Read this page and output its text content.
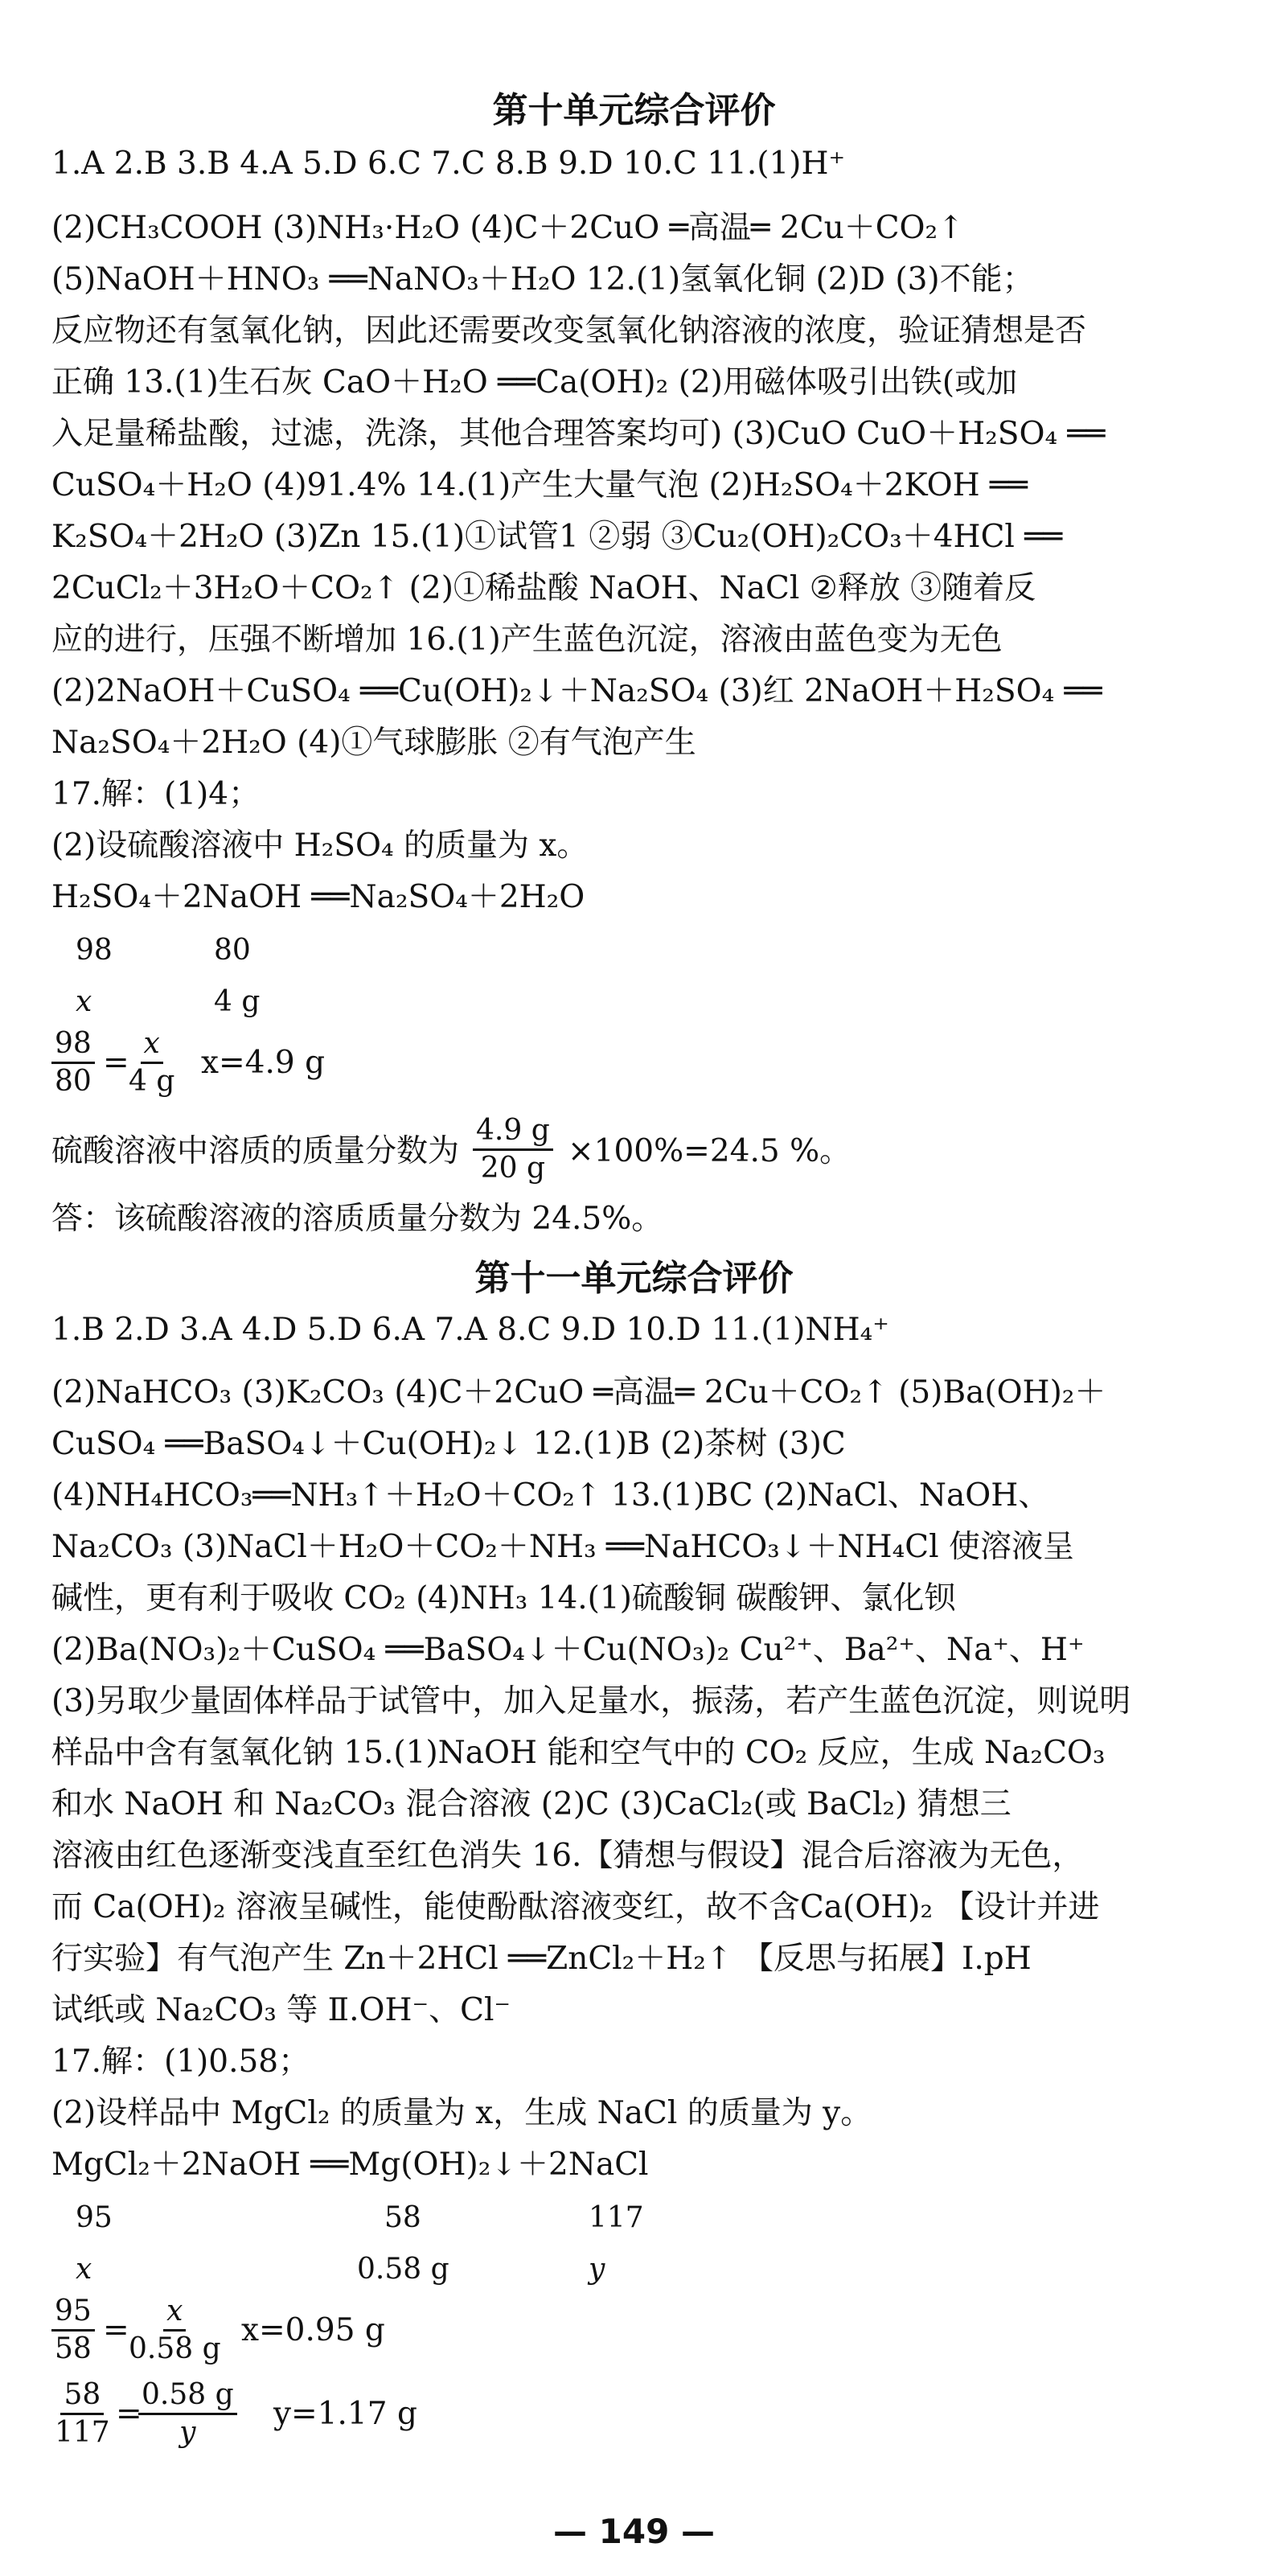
第十单元综合评价
1.A 2.B 3.B 4.A 5.D 6.C 7.C 8.B 9.D 10.C 11.(1)H⁺
(2)CH₃COOH (3)NH₃·H₂O (4)C＋2CuO ═高温═ 2Cu＋CO₂↑
(5)NaOH＋HNO₃ ══NaNO₃＋H₂O 12.(1)氢氧化铜 (2)D (3)不能；
反应物还有氢氧化钠，因此还需要改变氢氧化钠溶液的浓度，验证猜想是否
正确 13.(1)生石灰 CaO＋H₂O ══Ca(OH)₂ (2)用磁体吸引出铁(或加
入足量稀盐酸，过滤，洗涤，其他合理答案均可) (3)CuO CuO＋H₂SO₄ ══
CuSO₄＋H₂O (4)91.4% 14.(1)产生大量气泡 (2)H₂SO₄＋2KOH ══
K₂SO₄＋2H₂O (3)Zn 15.(1)①试管1 ②弱 ③Cu₂(OH)₂CO₃＋4HCl ══
2CuCl₂＋3H₂O＋CO₂↑ (2)①稀盐酸 NaOH、NaCl ②释放 ③随着反
应的进行，压强不断增加 16.(1)产生蓝色沉淀，溶液由蓝色变为无色
(2)2NaOH＋CuSO₄ ══Cu(OH)₂↓＋Na₂SO₄ (3)红 2NaOH＋H₂SO₄ ══
Na₂SO₄＋2H₂O (4)①气球膨胀 ②有气泡产生
17.解：(1)4；
(2)设硫酸溶液中 H₂SO₄ 的质量为 x。
H₂SO₄＋2NaOH ══Na₂SO₄＋2H₂O
98	80
x	4 g
$\frac{98}{80}$ =
$\frac{x}{4 g} x=4.9$ g
硫酸溶液中溶质的质量分数为 $\frac{4.9 g}{20 g} \times 100\%=24.5$ %。
答：该硫酸溶液的溶质质量分数为 24.5%。
第十一单元综合评价
1.B 2.D 3.A 4.D 5.D 6.A 7.A 8.C 9.D 10.D 11.(1)NH₄⁺
(2)NaHCO₃ (3)K₂CO₃ (4)C＋2CuO ═高温═ 2Cu＋CO₂↑ (5)Ba(OH)₂＋
CuSO₄ ══BaSO₄↓＋Cu(OH)₂↓ 12.(1)B (2)茶树 (3)C
(4)NH₄HCO₃══NH₃↑＋H₂O＋CO₂↑ 13.(1)BC (2)NaCl、NaOH、
Na₂CO₃ (3)NaCl＋H₂O＋CO₂＋NH₃ ══NaHCO₃↓＋NH₄Cl 使溶液呈
碱性，更有利于吸收 CO₂ (4)NH₃ 14.(1)硫酸铜 碳酸钾、氯化钡
(2)Ba(NO₃)₂＋CuSO₄ ══BaSO₄↓＋Cu(NO₃)₂ Cu²⁺、Ba²⁺、Na⁺、H⁺
(3)另取少量固体样品于试管中，加入足量水，振荡，若产生蓝色沉淀，则说明
样品中含有氢氧化钠 15.(1)NaOH 能和空气中的 CO₂ 反应，生成 Na₂CO₃
和水 NaOH 和 Na₂CO₃ 混合溶液 (2)C (3)CaCl₂(或 BaCl₂) 猜想三
溶液由红色逐渐变浅直至红色消失 16.【猜想与假设】混合后溶液为无色，
而 Ca(OH)₂ 溶液呈碱性，能使酚酞溶液变红，故不含Ca(OH)₂ 【设计并进
行实验】有气泡产生 Zn＋2HCl ══ZnCl₂＋H₂↑ 【反思与拓展】Ⅰ.pH
试纸或 Na₂CO₃ 等 Ⅱ.OH⁻、Cl⁻
17.解：(1)0.58；
(2)设样品中 MgCl₂ 的质量为 x，生成 NaCl 的质量为 y。
MgCl₂＋2NaOH ══Mg(OH)₂↓＋2NaCl
95	58	117
x	0.58 g	y
$\frac{95}{58}$ =
$\frac{x}{0.58 g} x=0.95$ g
$\frac{58}{117}$ =
$\frac{0.58 g}{y} y=1.17$ g
— 149 —
